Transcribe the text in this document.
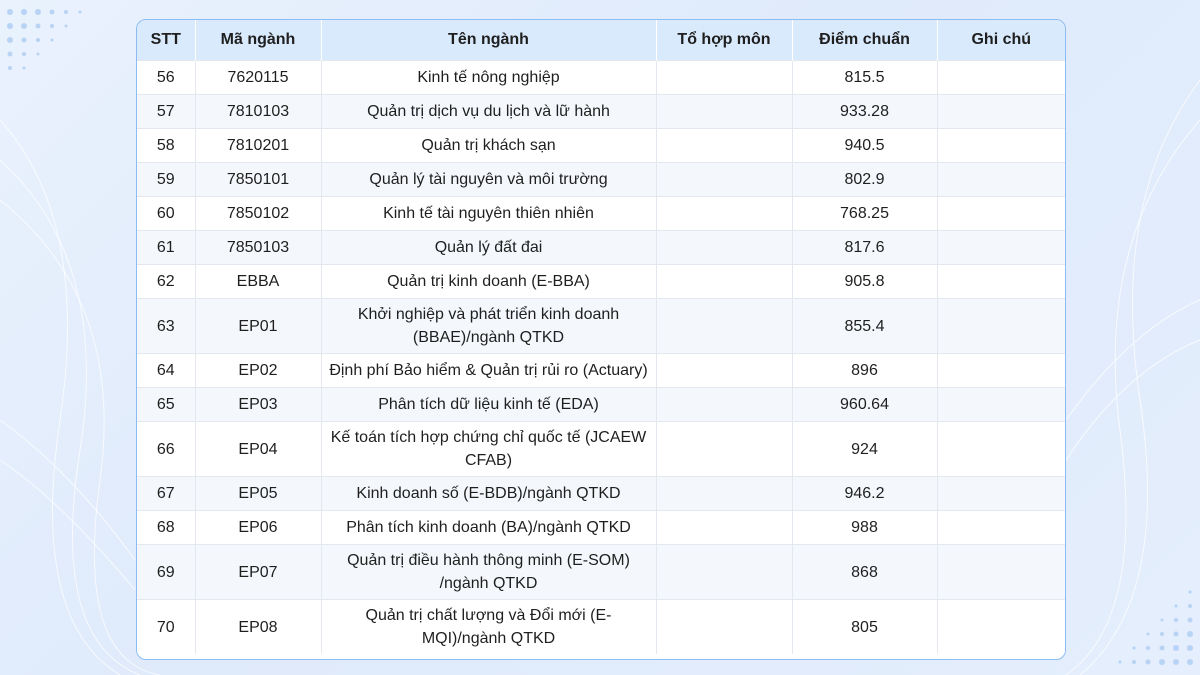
STT	Mã ngành	Tên ngành	Tổ hợp môn	Điểm chuẩn	Ghi chú
56	7620115	Kinh tế nông nghiệp		815.5	
57	7810103	Quản trị dịch vụ du lịch và lữ hành		933.28	
58	7810201	Quản trị khách sạn		940.5	
59	7850101	Quản lý tài nguyên và môi trường		802.9	
60	7850102	Kinh tế tài nguyên thiên nhiên		768.25	
61	7850103	Quản lý đất đai		817.6	
62	EBBA	Quản trị kinh doanh (E-BBA)		905.8	
63	EP01	Khởi nghiệp và phát triển kinh doanh (BBAE)/ngành QTKD		855.4	
64	EP02	Định phí Bảo hiểm & Quản trị rủi ro (Actuary)		896	
65	EP03	Phân tích dữ liệu kinh tế (EDA)		960.64	
66	EP04	Kế toán tích hợp chứng chỉ quốc tế (JCAEW CFAB)		924	
67	EP05	Kinh doanh số (E-BDB)/ngành QTKD		946.2	
68	EP06	Phân tích kinh doanh (BA)/ngành QTKD		988	
69	EP07	Quản trị điều hành thông minh (E-SOM) /ngành QTKD		868	
70	EP08	Quản trị chất lượng và Đổi mới (E-MQI)/ngành QTKD		805	
